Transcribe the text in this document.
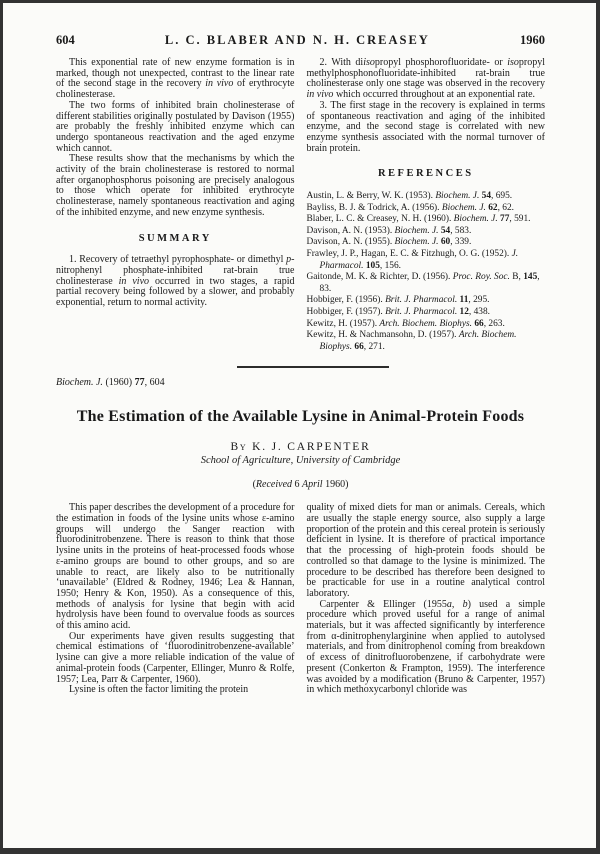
604	L. C. BLABER AND N. H. CREASEY	1960

This exponential rate of new enzyme formation is in marked, though not unexpected, contrast to the linear rate of the second stage in the recovery in vivo of erythrocyte cholinesterase.

The two forms of inhibited brain cholinesterase of different stabilities originally postulated by Davison (1955) are probably the freshly inhibited enzyme which can undergo spontaneous reactivation and the aged enzyme which cannot.

These results show that the mechanisms by which the activity of the brain cholinesterase is restored to normal after organophosphorus poisoning are precisely analogous to those which operate for inhibited erythrocyte cholinesterase, namely spontaneous reactivation and aging of the inhibited enzyme, and new enzyme synthesis.

SUMMARY

1. Recovery of tetraethyl pyrophosphate- or dimethyl p-nitrophenyl phosphate-inhibited rat-brain true cholinesterase in vivo occurred in two stages, a rapid partial recovery being followed by a slower, and probably exponential, return to normal activity.

2. With diisopropyl phosphorofluoridate- or isopropyl methylphosphonofluoridate-inhibited rat-brain true cholinesterase only one stage was observed in the recovery in vivo which occurred throughout at an exponential rate.

3. The first stage in the recovery is explained in terms of spontaneous reactivation and aging of the inhibited enzyme, and the second stage is correlated with new enzyme synthesis associated with the normal turnover of brain protein.

REFERENCES

Austin, L. & Berry, W. K. (1953). Biochem. J. 54, 695.
Bayliss, B. J. & Todrick, A. (1956). Biochem. J. 62, 62.
Blaber, L. C. & Creasey, N. H. (1960). Biochem. J. 77, 591.
Davison, A. N. (1953). Biochem. J. 54, 583.
Davison, A. N. (1955). Biochem. J. 60, 339.
Frawley, J. P., Hagan, E. C. & Fitzhugh, O. G. (1952). J. Pharmacol. 105, 156.
Gaitonde, M. K. & Richter, D. (1956). Proc. Roy. Soc. B, 145, 83.
Hobbiger, F. (1956). Brit. J. Pharmacol. 11, 295.
Hobbiger, F. (1957). Brit. J. Pharmacol. 12, 438.
Kewitz, H. (1957). Arch. Biochem. Biophys. 66, 263.
Kewitz, H. & Nachmansohn, D. (1957). Arch. Biochem. Biophys. 66, 271.
Biochem. J. (1960) 77, 604
The Estimation of the Available Lysine in Animal-Protein Foods
By K. J. CARPENTER
School of Agriculture, University of Cambridge
(Received 6 April 1960)

This paper describes the development of a procedure for the estimation in foods of the lysine units whose ε-amino groups will undergo the Sanger reaction with fluorodinitrobenzene. There is reason to think that those lysine units in the proteins of heat-processed foods whose ε-amino groups are bound to other groups, and so are unable to react, are likely also to be nutritionally ‘unavailable’ (Eldred & Rodney, 1946; Lea & Hannan, 1950; Henry & Kon, 1950). As a consequence of this, methods of analysis for lysine that begin with acid hydrolysis have been found to overvalue foods as sources of this amino acid.

Our experiments have given results suggesting that chemical estimations of ‘fluorodinitrobenzene-available’ lysine can give a more reliable indication of the value of animal-protein foods (Carpenter, Ellinger, Munro & Rolfe, 1957; Lea, Parr & Carpenter, 1960).

Lysine is often the factor limiting the protein

quality of mixed diets for man or animals. Cereals, which are usually the staple energy source, also supply a large proportion of the protein and this cereal protein is seriously deficient in lysine. It is therefore of practical importance that the processing of high-protein foods should be controlled so that damage to the lysine is minimized. The procedure to be described has therefore been designed to be practicable for use in a routine analytical control laboratory.

Carpenter & Ellinger (1955a, b) used a simple procedure which proved useful for a range of animal materials, but it was affected significantly by interference from α-dinitrophenylarginine when applied to autolysed materials, and from dinitrophenol coming from breakdown of excess of dinitrofluorobenzene, if carbohydrate were present (Conkerton & Frampton, 1959). The interference was avoided by a modification (Bruno & Carpenter, 1957) in which methoxycarbonyl chloride was
